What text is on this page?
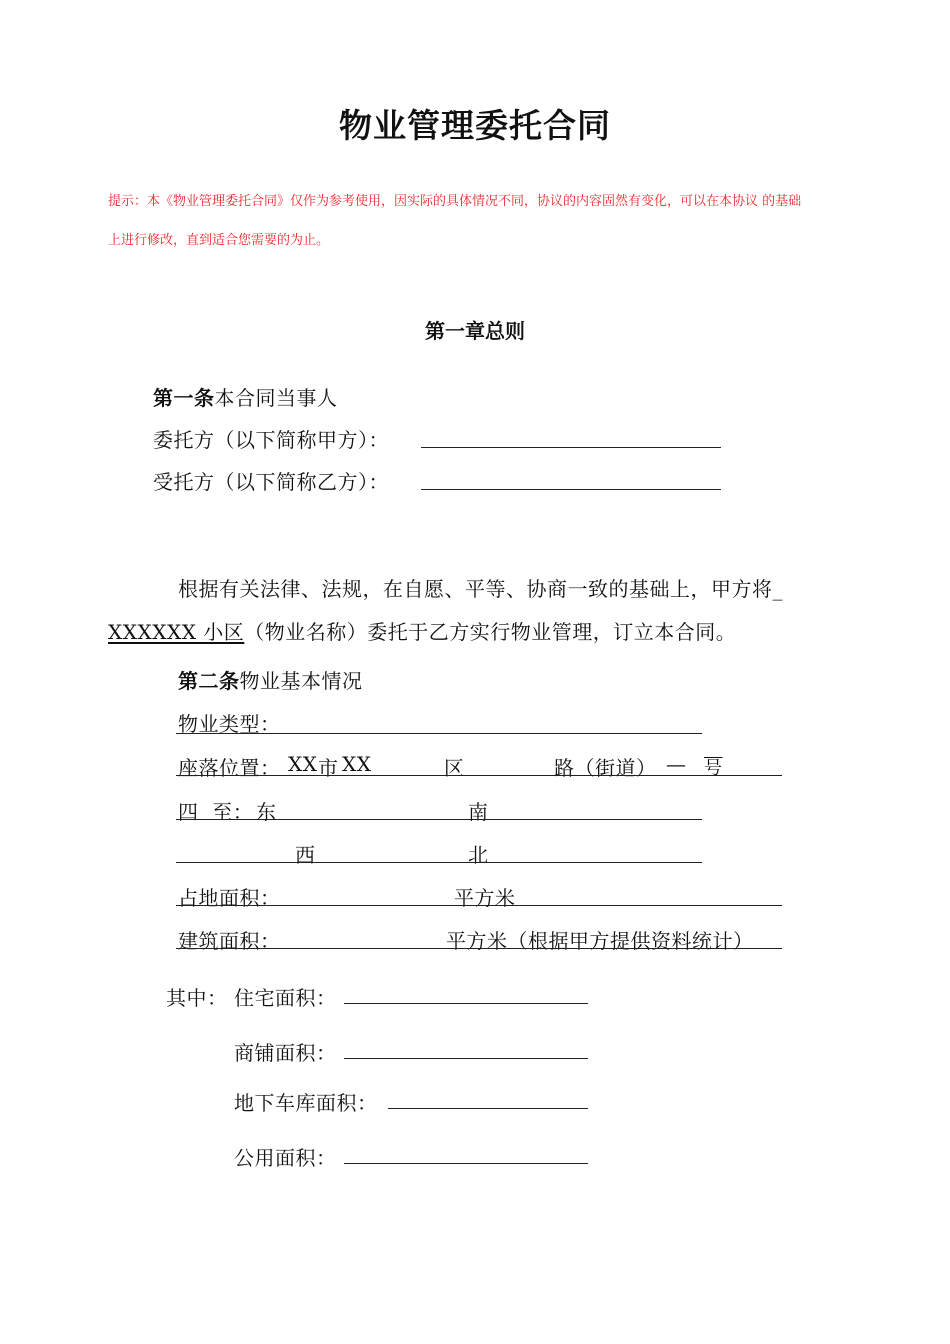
物业管理委托合同
提示：本《物业管理委托合同》仅作为参考使用，因实际的具体情况不同，协议的内容固然有变化，可以在本协议 的基础
上进行修改，直到适合您需要的为止。
第一章总则
第一条本合同当事人
委托方（以下简称甲方）：
受托方（以下简称乙方）：
根据有关法律、法规，在自愿、平等、协商一致的基础上，甲方将_
XXXXXX 小区（物业名称）委托于乙方实行物业管理，订立本合同。
第二条物业基本情况
物业类型：
座落位置： XX 市 XX	区	路（街道） — 号
四  至： 东	南
西	北
占地面积：	平方米
建筑面积：	平方米（根据甲方提供资料统计）
其中： 住宅面积：
商铺面积：
地下车库面积：
公用面积：
